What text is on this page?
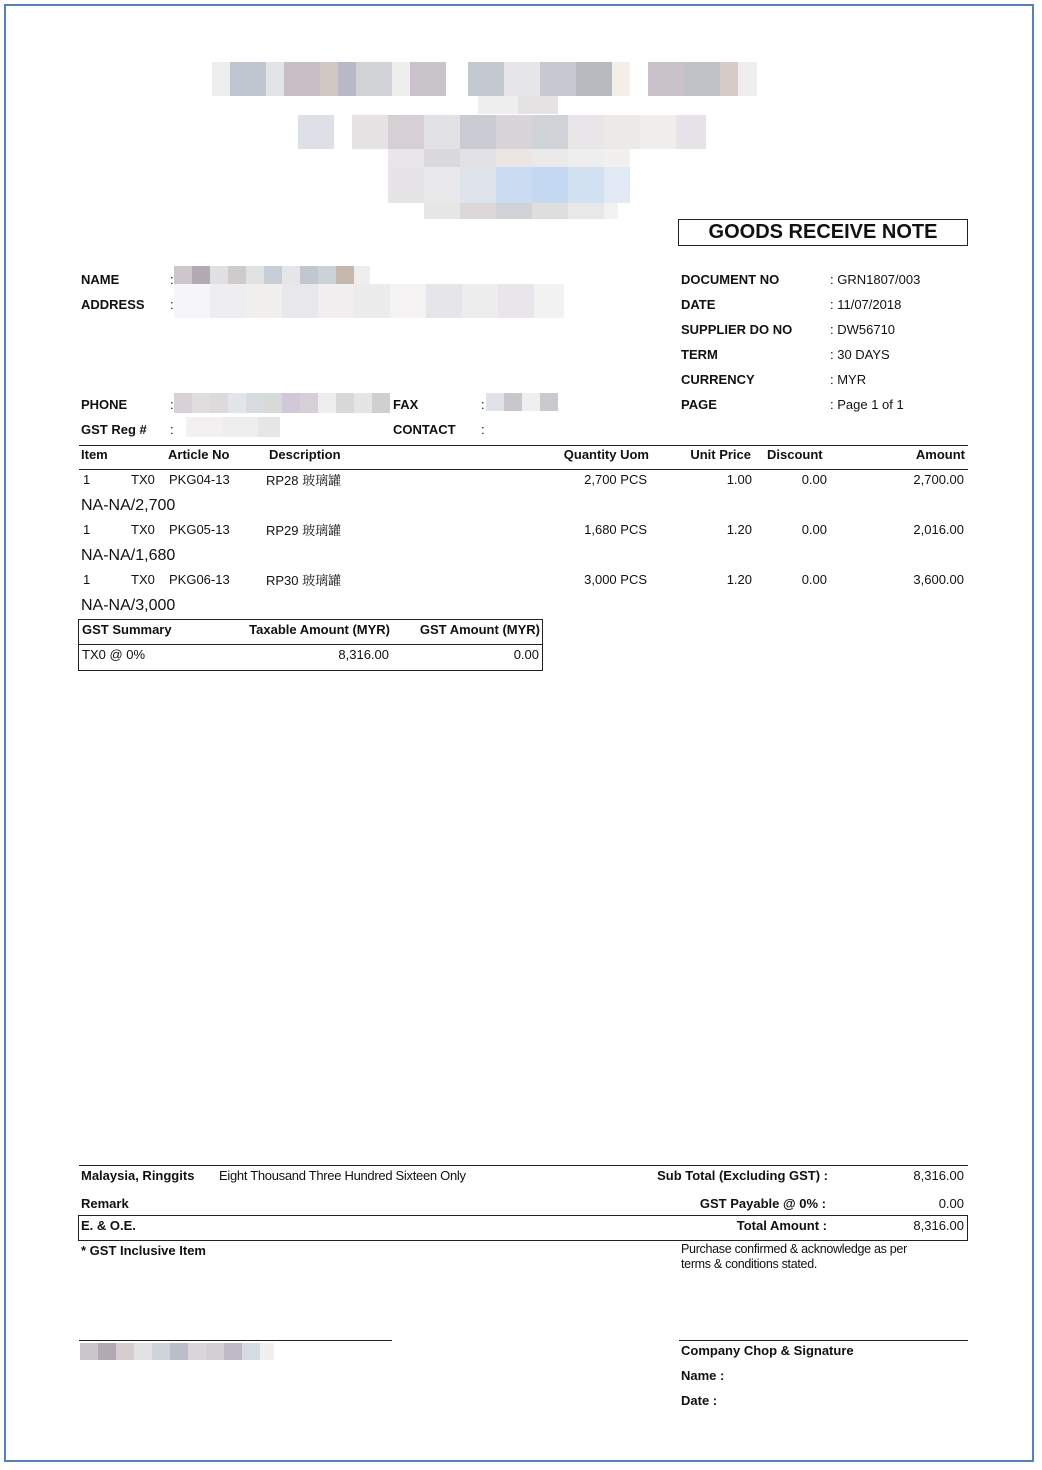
GOODS RECEIVE NOTE
NAME	:
ADDRESS :
PHONE	:	FAX	:
GST Reg # :	CONTACT :
DOCUMENT NO	: GRN1807/003
DATE	: 11/07/2018
SUPPLIER DO NO	: DW56710
TERM	: 30 DAYS
CURRENCY	: MYR
PAGE	: Page 1 of 1
Item	Article No	Description	Quantity Uom	Unit Price Discount	Amount
1	TX0 PKG04-13	RP28 玻璃罐	2,700 PCS	1.00	0.00	2,700.00
NA-NA/2,700
1	TX0 PKG05-13	RP29 玻璃罐	1,680 PCS	1.20	0.00	2,016.00
NA-NA/1,680
1	TX0 PKG06-13	RP30 玻璃罐	3,000 PCS	1.20	0.00	3,600.00
NA-NA/3,000
GST Summary	Taxable Amount (MYR)	GST Amount (MYR)
TX0 @ 0%	8,316.00	0.00
Malaysia, Ringgits Eight Thousand Three Hundred Sixteen Only	Sub Total (Excluding GST) :	8,316.00
Remark	GST Payable @ 0% :	0.00
E. & O.E.	Total Amount :	8,316.00
* GST Inclusive Item	Purchase confirmed & acknowledge as per
terms & conditions stated.
Company Chop & Signature
Name :
Date :
